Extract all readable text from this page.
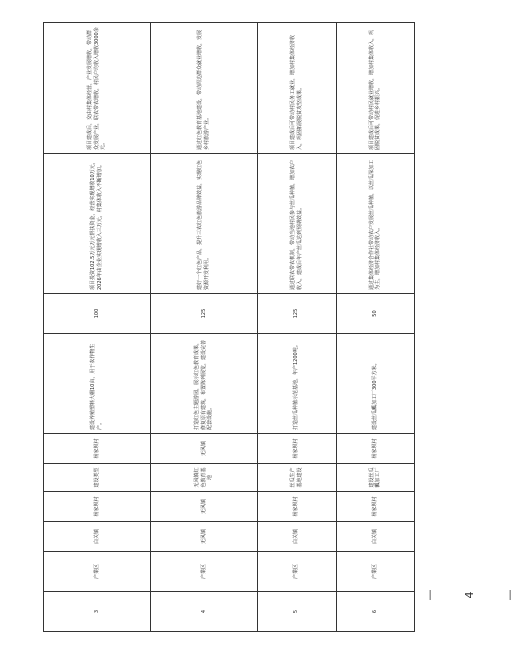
3	产業区	白关镇	杨家坝村	建设类型	杨家坝村	建设养殖塑料大棚10亩，用于农作物生产。	100	项目投资102.5万元万元帮扶资金，经营实现增收10万元，2026年由企业实现增收入三万元，村集体收入不断增加。	项目建成后，交由村集体经营，产业发展增收，带动群众发展产业，联农带农增收，村民户均收入增收3000余元。
4	产業区	无风镇	无风镇	无风镇红色教育基地	无风镇	打造红色主题游园，展示红色教育成果，修复原有建筑，布置陈列展览，建设完善配套设施。	125	建好一个红色产品，提升三农红色旅游品牌效益，实现红色资源开发利用。	通过红色教育基地建设，带动周边群众就业增收，发展乡村旅游产业。
5	产業区	白关镇	杨家坝村	丝瓜生产基地建设	杨家坝村	打造丝瓜种植示范基地，年产1200吨。	125	通过联农带农机制，带动当地村民参与丝瓜种植，增加农户收入，建成后年产丝瓜达到预期效益。	项目建成后可带动村民务工就业，增加村集体经济收入，巩固拓展脱贫攻坚成果。
6	产業区	白关镇	杨家坝村	建设丝瓜瓤加工厂	杨家坝村	建设丝瓜瓤加工厂300平方米。	50	通过集体经济合作社带动农户发展丝瓜种植，以丝瓜深加工为主，增加村集体经济收入。	项目建成后可带动村民就业增收，增加村集体收入，巩固脱贫成果，促进乡村振兴。
— 4 —
